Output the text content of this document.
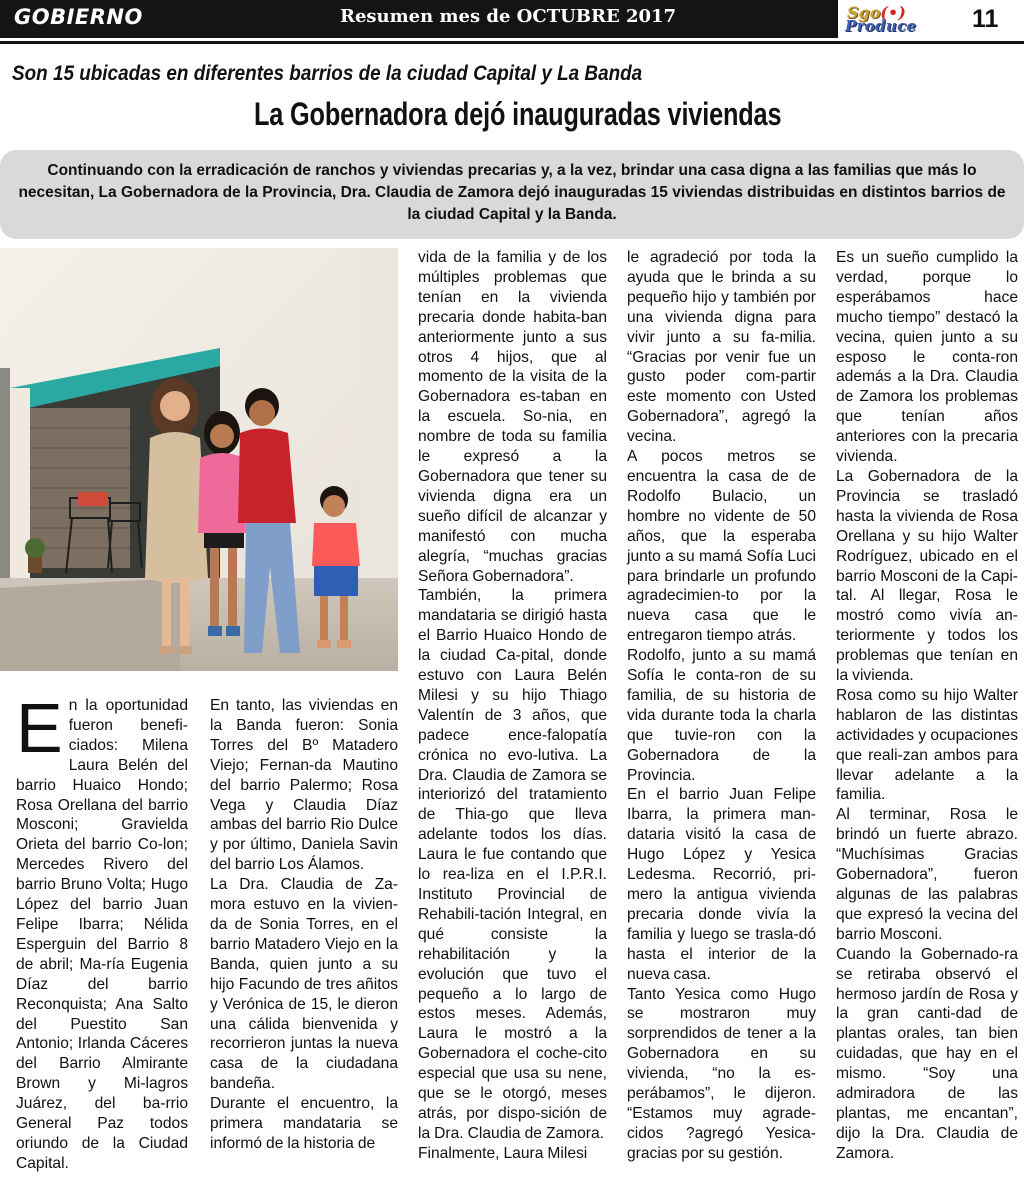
GOBIERNO	Resumen mes de OCTUBRE 2017	Sgo(•)
Produce 11
Son 15 ubicadas en diferentes barrios de la ciudad Capital y La Banda
La Gobernadora dejó inauguradas viviendas
Continuando con la erradicación de ranchos y viviendas precarias y, a la vez, brindar una casa digna a las familias que más lo necesitan, La Gobernadora de la Provincia, Dra. Claudia de Zamora dejó inauguradas 15 viviendas distribuidas en distintos barrios de la ciudad Capital y la Banda.

En la oportunidad fueron benefi-ciados: Milena Laura Belén del barrio Huaico Hondo; Rosa Orellana del barrio Mosconi; Gravielda Orieta del barrio Co-lon; Mercedes Rivero del barrio Bruno Volta; Hugo López del barrio Juan Felipe Ibarra; Nélida Esperguin del Barrio 8 de abril; Ma-ría Eugenia Díaz del barrio Reconquista; Ana Salto del Puestito San Antonio; Irlanda Cáceres del Barrio Almirante Brown y Mi-lagros Juárez, del ba-rrio General Paz todos oriundo de la Ciudad Capital.

En tanto, las viviendas en la Banda fueron: Sonia Torres del Bº Matadero Viejo; Fernan-da Mautino del barrio Palermo; Rosa Vega y Claudia Díaz ambas del barrio Rio Dulce y por último, Daniela Savin del barrio Los Álamos.

La Dra. Claudia de Za-mora estuvo en la vivien-da de Sonia Torres, en el barrio Matadero Viejo en la Banda, quien junto a su hijo Facundo de tres añitos y Verónica de 15, le dieron una cálida bienvenida y recorrieron juntas la nueva casa de la ciudadana bandeña.

Durante el encuentro, la primera mandataria se informó de la historia de

vida de la familia y de los múltiples problemas que tenían en la vivienda precaria donde habita-ban anteriormente junto a sus otros 4 hijos, que al momento de la visita de la Gobernadora es-taban en la escuela. So-nia, en nombre de toda su familia le expresó a la Gobernadora que tener su vivienda digna era un sueño difícil de alcanzar y manifestó con mucha alegría, “muchas gracias Señora Gobernadora”.

También, la primera mandataria se dirigió hasta el Barrio Huaico Hondo de la ciudad Ca-pital, donde estuvo con Laura Belén Milesi y su hijo Thiago Valentín de 3 años, que padece ence-falopatía crónica no evo-lutiva. La Dra. Claudia de Zamora se interiorizó del tratamiento de Thia-go que lleva adelante todos los días. Laura le fue contando que lo rea-liza en el I.P.R.I. Instituto Provincial de Rehabili-tación Integral, en qué consiste la rehabilitación y la evolución que tuvo el pequeño a lo largo de estos meses. Además, Laura le mostró a la Gobernadora el coche-cito especial que usa su nene, que se le otorgó, meses atrás, por dispo-sición de la Dra. Claudia de Zamora.

Finalmente, Laura Milesi

le agradeció por toda la ayuda que le brinda a su pequeño hijo y también por una vivienda digna para vivir junto a su fa-milia. “Gracias por venir fue un gusto poder com-partir este momento con Usted Gobernadora”, agregó la vecina.

A pocos metros se encuentra la casa de de Rodolfo Bulacio, un hombre no vidente de 50 años, que la esperaba junto a su mamá Sofía Luci para brindarle un profundo agradecimien-to por la nueva casa que le entregaron tiempo atrás.

Rodolfo, junto a su mamá Sofía le conta-ron de su familia, de su historia de vida durante toda la charla que tuvie-ron con la Gobernadora de la Provincia.

En el barrio Juan Felipe Ibarra, la primera man-dataria visitó la casa de Hugo López y Yesica Ledesma. Recorrió, pri-mero la antigua vivienda precaria donde vivía la familia y luego se trasla-dó hasta el interior de la nueva casa.

Tanto Yesica como Hugo se mostraron muy sorprendidos de tener a la Gobernadora en su vivienda, “no la es-perábamos”, le dijeron. “Estamos muy agrade-cidos ?agregó Yesica-gracias por su gestión.

Es un sueño cumplido la verdad, porque lo esperábamos hace mucho tiempo” destacó la vecina, quien junto a su esposo le conta-ron además a la Dra. Claudia de Zamora los problemas que tenían años anteriores con la precaria vivienda.

La Gobernadora de la Provincia se trasladó hasta la vivienda de Rosa Orellana y su hijo Walter Rodríguez, ubicado en el barrio Mosconi de la Capi-tal. Al llegar, Rosa le mostró como vivía an-teriormente y todos los problemas que tenían en la vivienda.

Rosa como su hijo Walter hablaron de las distintas actividades y ocupaciones que reali-zan ambos para llevar adelante a la familia.

Al terminar, Rosa le brindó un fuerte abrazo. “Muchísimas Gracias Gobernadora”, fueron algunas de las palabras que expresó la vecina del barrio Mosconi.

Cuando la Gobernado-ra se retiraba observó el hermoso jardín de Rosa y la gran canti-dad de plantas orales, tan bien cuidadas, que hay en el mismo. “Soy una admiradora de las plantas, me encantan”, dijo la Dra. Claudia de Zamora.
